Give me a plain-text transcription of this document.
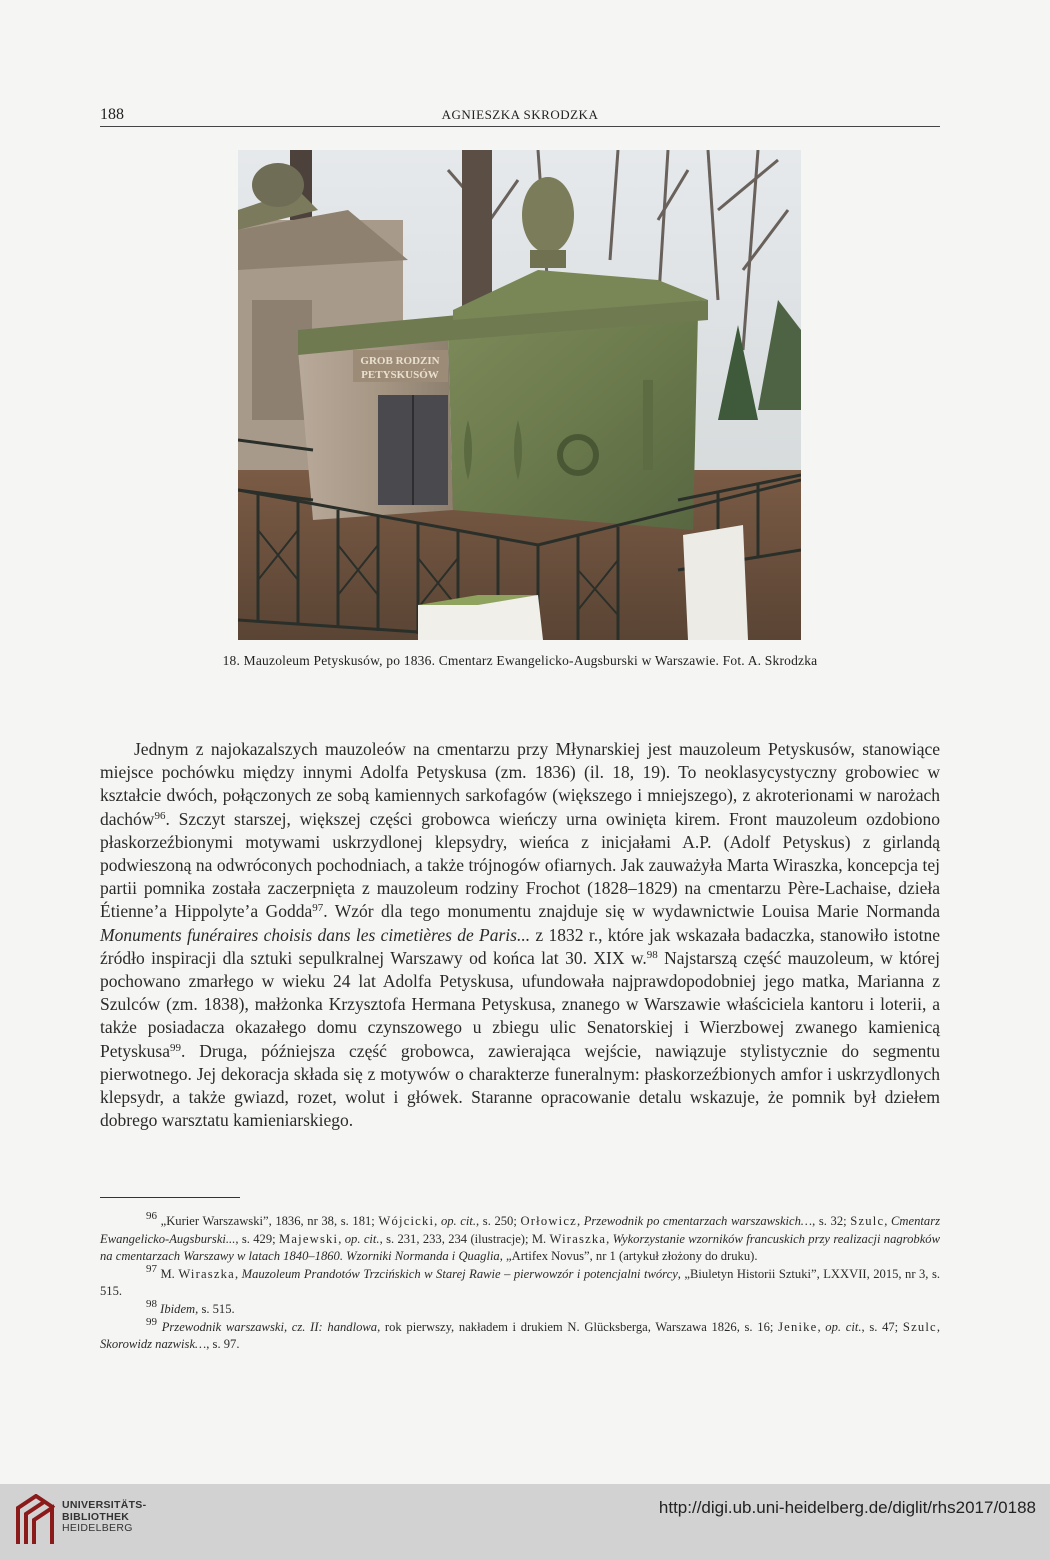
188	AGNIESZKA SKRODZKA
GROB RODZIN
PETYSKUSÓW
18. Mauzoleum Petyskusów, po 1836. Cmentarz Ewangelicko-Augsburski w Warszawie. Fot. A. Skrodzka

Jednym z najokazalszych mauzoleów na cmentarzu przy Młynarskiej jest mauzoleum Petyskusów, stanowiące miejsce pochówku między innymi Adolfa Petyskusa (zm. 1836) (il. 18, 19). To neoklasycystyczny grobowiec w kształcie dwóch, połączonych ze sobą kamiennych sarkofagów (większego i mniejszego), z akroterionami w narożach dachów$^{96}$. Szczyt starszej, większej części grobowca wieńczy urna owinięta kirem. Front mauzoleum ozdobiono płaskorzeźbionymi motywami uskrzydlonej klepsydry, wieńca z inicjałami A.P. (Adolf Petyskus) z girlandą podwieszoną na odwróconych pochodniach, a także trójnogów ofiarnych. Jak zauważyła Marta Wiraszka, koncepcja tej partii pomnika została zaczerpnięta z mauzoleum rodziny Frochot (1828–1829) na cmentarzu Père-Lachaise, dzieła Étienne’a Hippolyte’a Godda$^{97}$. Wzór dla tego monumentu znajduje się w wydawnictwie Louisa Marie Normanda Monuments funéraires choisis dans les cimetières de Paris... z 1832 r., które jak wskazała badaczka, stanowiło istotne źródło inspiracji dla sztuki sepulkralnej Warszawy od końca lat 30. XIX w.$^{98}$ Najstarszą część mauzoleum, w której pochowano zmarłego w wieku 24 lat Adolfa Petyskusa, ufundowała najprawdopodobniej jego matka, Marianna z Szulców (zm. 1838), małżonka Krzysztofa Hermana Petyskusa, znanego w Warszawie właściciela kantoru i loterii, a także posiadacza okazałego domu czynszowego u zbiegu ulic Senatorskiej i Wierzbowej zwanego kamienicą Petyskusa$^{99}$. Druga, późniejsza część grobowca, zawierająca wejście, nawiązuje stylistycznie do segmentu pierwotnego. Jej dekoracja składa się z motywów o charakterze funeralnym: płaskorzeźbionych amfor i uskrzydlonych klepsydr, a także gwiazd, rozet, wolut i główek. Staranne opracowanie detalu wskazuje, że pomnik był dziełem dobrego warsztatu kamieniarskiego.

$^{96}$ „Kurier Warszawski”, 1836, nr 38, s. 181; Wójcicki, op. cit., s. 250; Orłowicz, Przewodnik po cmentarzach warszawskich…, s. 32; Szulc, Cmentarz Ewangelicko-Augsburski..., s. 429; Majewski, op. cit., s. 231, 233, 234 (ilustracje); M. Wiraszka, Wykorzystanie wzorników francuskich przy realizacji nagrobków na cmentarzach Warszawy w latach 1840–1860. Wzorniki Normanda i Quaglia, „Artifex Novus”, nr 1 (artykuł złożony do druku).

$^{97}$ M. Wiraszka, Mauzoleum Prandotów Trzcińskich w Starej Rawie – pierwowzór i potencjalni twórcy, „Biuletyn Historii Sztuki”, LXXVII, 2015, nr 3, s. 515.

$^{98}$ Ibidem, s. 515.

$^{99}$ Przewodnik warszawski, cz. II: handlowa, rok pierwszy, nakładem i drukiem N. Glücksberga, Warszawa 1826, s. 16; Jenike, op. cit., s. 47; Szulc, Skorowidz nazwisk…, s. 97.

UNIVERSITÄTS-
BIBLIOTHEK
HEIDELBERG
http://digi.ub.uni-heidelberg.de/diglit/rhs2017/0188
